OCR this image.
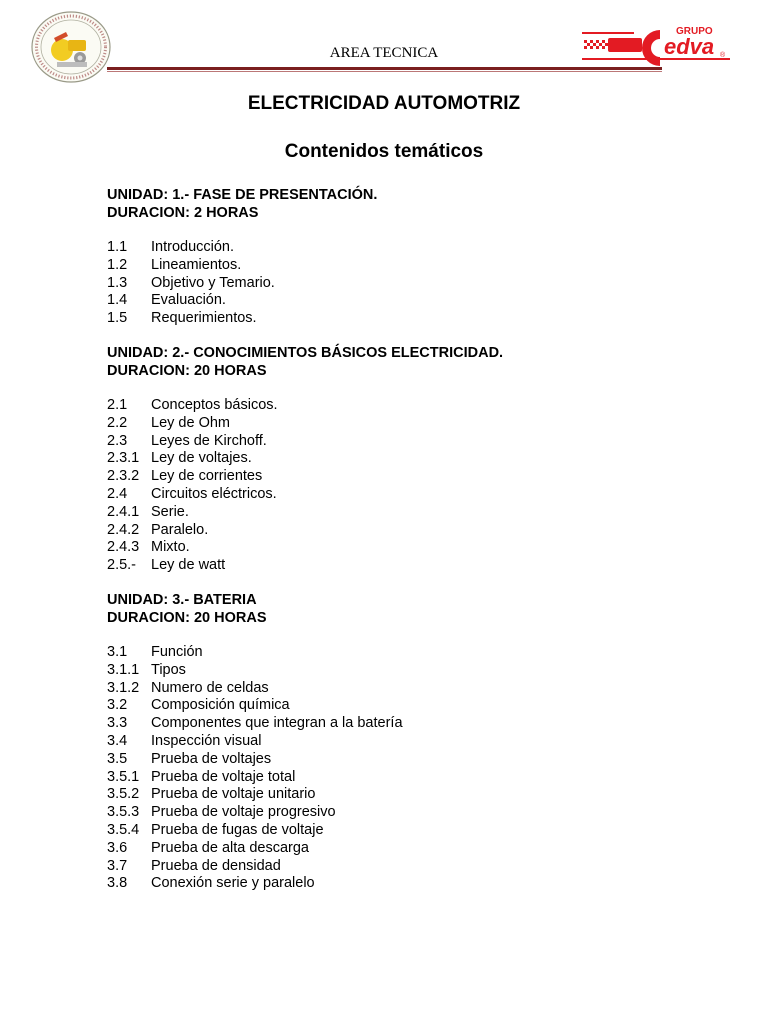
AREA TECNICA
GRUPO
edva ®
ELECTRICIDAD AUTOMOTRIZ
Contenidos temáticos
UNIDAD: 1.- FASE DE PRESENTACIÓN.
DURACION: 2 HORAS
1.1	Introducción.
1.2	Lineamientos.
1.3	Objetivo y Temario.
1.4	Evaluación.
1.5	Requerimientos.
UNIDAD: 2.- CONOCIMIENTOS BÁSICOS ELECTRICIDAD.
DURACION: 20 HORAS
2.1	Conceptos básicos.
2.2	Ley de Ohm
2.3	Leyes de Kirchoff.
2.3.1 Ley de voltajes.
2.3.2 Ley de corrientes
2.4	Circuitos eléctricos.
2.4.1 Serie.
2.4.2 Paralelo.
2.4.3 Mixto.
2.5.-	Ley de watt
UNIDAD: 3.- BATERIA
DURACION: 20 HORAS
3.1	Función
3.1.1 Tipos
3.1.2 Numero de celdas
3.2	Composición química
3.3	Componentes que integran a la batería
3.4	Inspección visual
3.5	Prueba de voltajes
3.5.1 Prueba de voltaje total
3.5.2 Prueba de voltaje unitario
3.5.3 Prueba de voltaje progresivo
3.5.4 Prueba de fugas de voltaje
3.6	Prueba de alta descarga
3.7	Prueba de densidad
3.8	Conexión serie y paralelo
